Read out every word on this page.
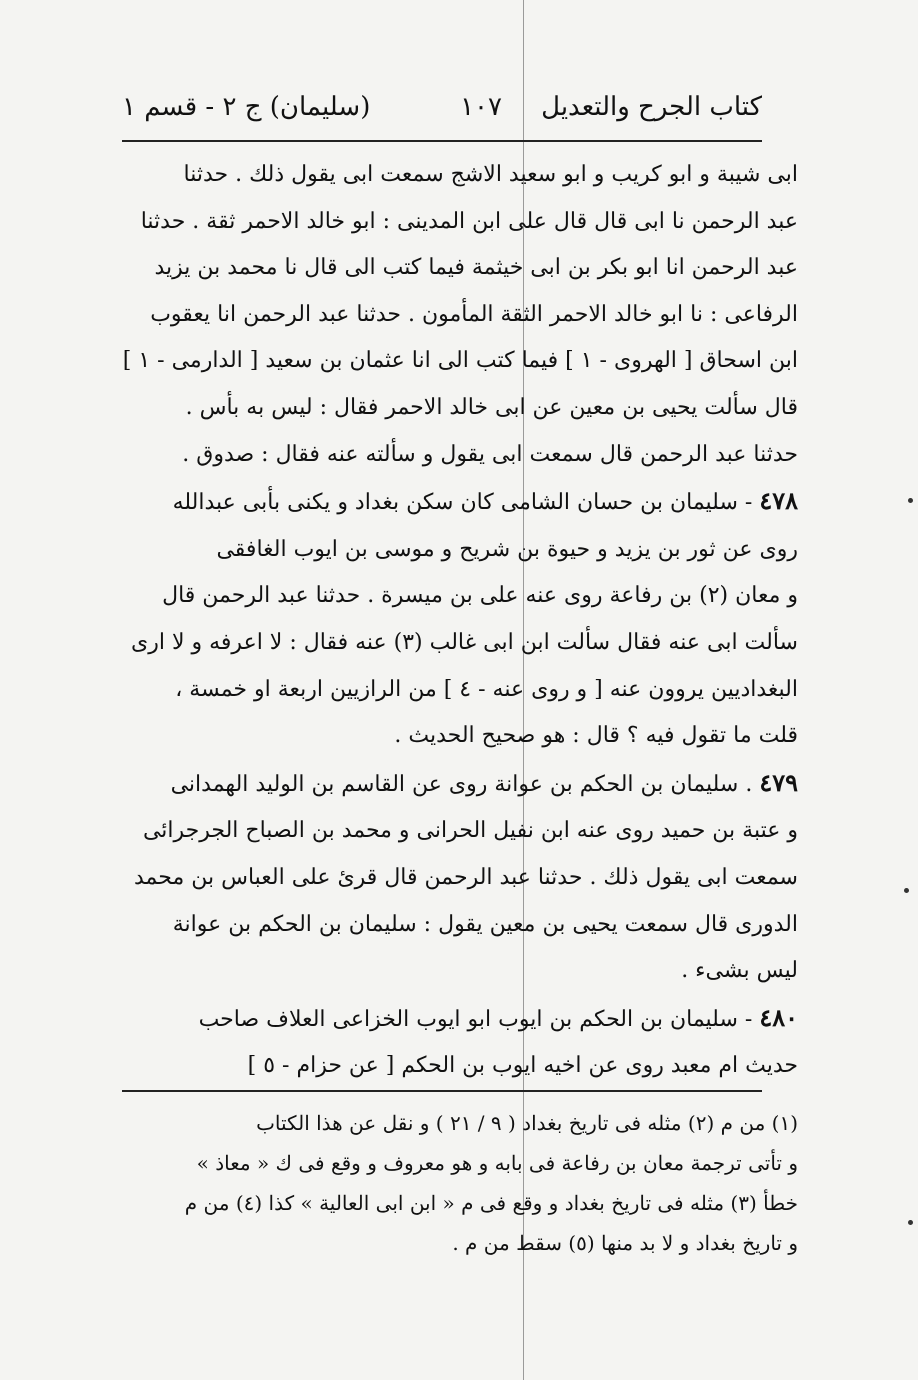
كتاب الجرح والتعديل
١٠٧
(سليمان) ج ٢ - قسم ١

ابى شيبة و ابو كريب و ابو سعيد الاشج سمعت ابى يقول ذلك . حدثنا

عبد الرحمن نا ابى قال قال على ابن المدينى : ابو خالد الاحمر ثقة . حدثنا

عبد الرحمن انا ابو بكر بن ابى خيثمة فيما كتب الى قال نا محمد بن يزيد

الرفاعى : نا ابو خالد الاحمر الثقة المأمون . حدثنا عبد الرحمن انا يعقوب

ابن اسحاق [ الهروى - ١ ] فيما كتب الى انا عثمان بن سعيد [ الدارمى - ١ ]

قال سألت يحيى بن معين عن ابى خالد الاحمر فقال : ليس به بأس .

حدثنا عبد الرحمن قال سمعت ابى يقول و سألته عنه فقال : صدوق .

٤٧٨ - سليمان بن حسان الشامى كان سكن بغداد و يكنى بأبى عبدالله

روى عن ثور بن يزيد و حيوة بن شريح و موسى بن ايوب الغافقى

و معان (٢) بن رفاعة روى عنه على بن ميسرة . حدثنا عبد الرحمن قال

سألت ابى عنه فقال سألت ابن ابى غالب (٣) عنه فقال : لا اعرفه و لا ارى

البغداديين يروون عنه [ و روى عنه - ٤ ] من الرازيين اربعة او خمسة ،

قلت ما تقول فيه ؟ قال : هو صحيح الحديث .

٤٧٩ . سليمان بن الحكم بن عوانة روى عن القاسم بن الوليد الهمدانى

و عتبة بن حميد روى عنه ابن نفيل الحرانى و محمد بن الصباح الجرجرائى

سمعت ابى يقول ذلك . حدثنا عبد الرحمن قال قرئ على العباس بن محمد

الدورى قال سمعت يحيى بن معين يقول : سليمان بن الحكم بن عوانة

ليس بشىء .

٤٨٠ - سليمان بن الحكم بن ايوب ابو ايوب الخزاعى العلاف صاحب

حديث ام معبد روى عن اخيه ايوب بن الحكم [ عن حزام - ٥ ]

(١) من م (٢) مثله فى تاريخ بغداد ( ٩ / ٢١ ) و نقل عن هذا الكتاب

و تأتى ترجمة معان بن رفاعة فى بابه و هو معروف و وقع فى ك « معاذ »

خطأ (٣) مثله فى تاريخ بغداد و وقع فى م « ابن ابى العالية » كذا (٤) من م

و تاريخ بغداد و لا بد منها (٥) سقط من م .
